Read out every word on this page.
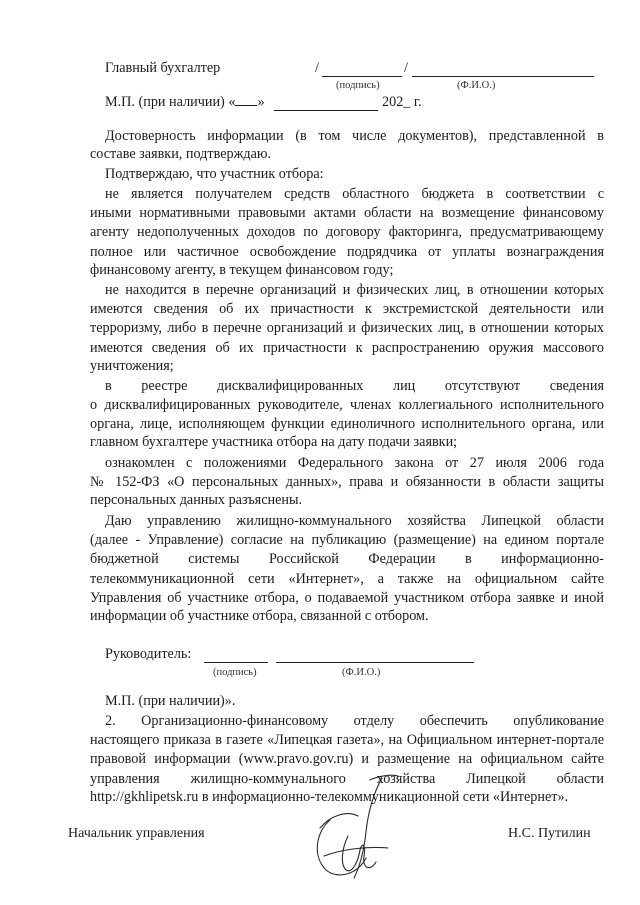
Главный бухгалтер	/	/
(подпись)	(Ф.И.О.)
М.П. (при наличии) « »	202_ г.
Достоверность информации (в том числе документов), представленной в
составе заявки, подтверждаю.
Подтверждаю, что участник отбора:
не является получателем средств областного бюджета в соответствии с
иными нормативными правовыми актами области на возмещение финансовому
агенту недополученных доходов по договору факторинга, предусматривающему
полное или частичное освобождение подрядчика от уплаты вознаграждения
финансовому агенту, в текущем финансовом году;
не находится в перечне организаций и физических лиц, в отношении которых
имеются сведения об их причастности к экстремистской деятельности или
терроризму, либо в перечне организаций и физических лиц, в отношении которых
имеются сведения об их причастности к распространению оружия массового
уничтожения;
в реестре дисквалифицированных лиц отсутствуют сведения
о дисквалифицированных руководителе, членах коллегиального исполнительного
органа, лице, исполняющем функции единоличного исполнительного органа, или
главном бухгалтере участника отбора на дату подачи заявки;
ознакомлен с положениями Федерального закона от 27 июля 2006 года
№ 152-ФЗ «О персональных данных», права и обязанности в области защиты
персональных данных разъяснены.
Даю управлению жилищно-коммунального хозяйства Липецкой области
(далее - Управление) согласие на публикацию (размещение) на едином портале
бюджетной системы Российской Федерации в информационно-
телекоммуникационной сети «Интернет», а также на официальном сайте
Управления об участнике отбора, о подаваемой участником отбора заявке и иной
информации об участнике отбора, связанной с отбором.
Руководитель:
(подпись)	(Ф.И.О.)
М.П. (при наличии)».
2. Организационно-финансовому отделу обеспечить опубликование
настоящего приказа в газете «Липецкая газета», на Официальном интернет-портале
правовой информации (www.pravo.gov.ru) и размещение на официальном сайте
управления жилищно-коммунального хозяйства Липецкой области
http://gkhlipetsk.ru в информационно-телекоммуникационной сети «Интернет».
Начальник управления	Н.С. Путилин
